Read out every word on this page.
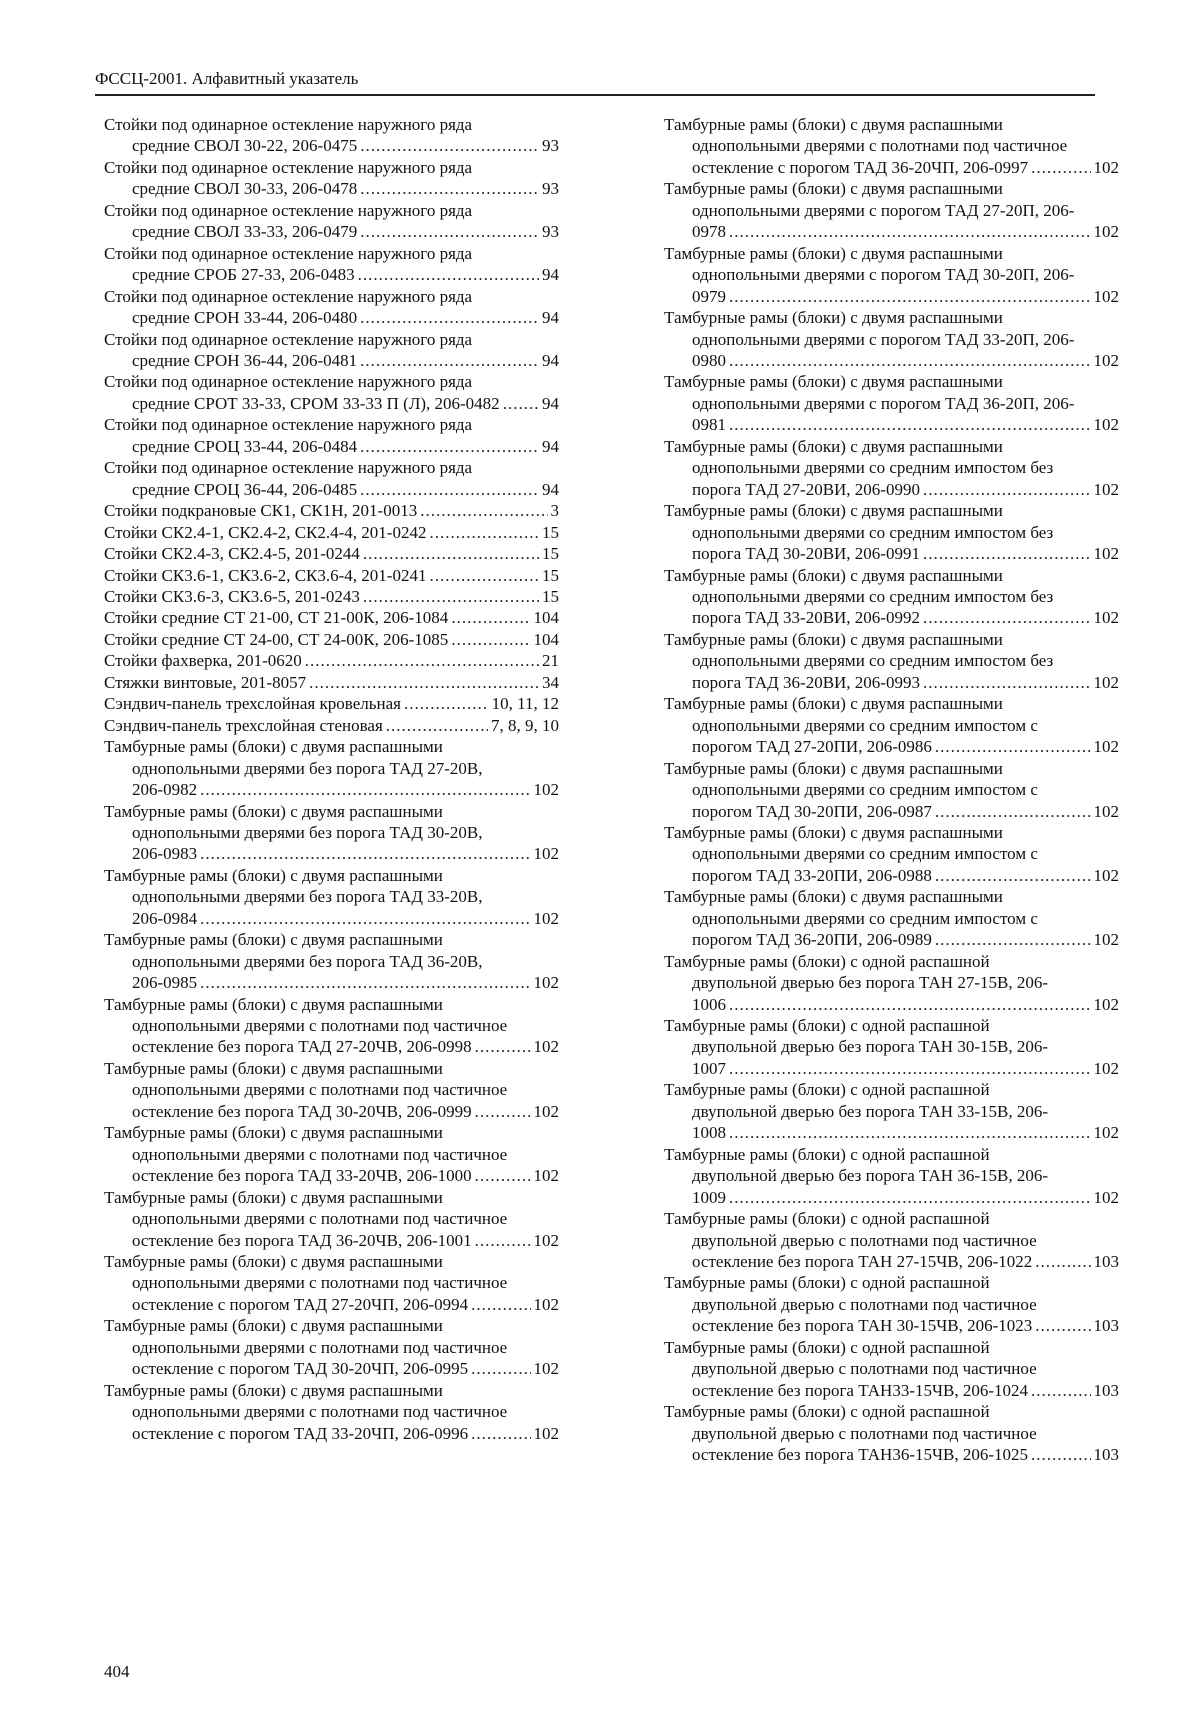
ФССЦ-2001. Алфавитный указатель
Стойки под одинарное остекление наружного ряда
средние СВОЛ 30-22, 206-0475 .....	93
Стойки под одинарное остекление наружного ряда
средние СВОЛ 30-33, 206-0478 .....	93
Стойки под одинарное остекление наружного ряда
средние СВОЛ 33-33, 206-0479 .....	93
Стойки под одинарное остекление наружного ряда
средние СРОБ 27-33, 206-0483 .....	94
Стойки под одинарное остекление наружного ряда
средние СРОН 33-44, 206-0480 .....	94
Стойки под одинарное остекление наружного ряда
средние СРОН 36-44, 206-0481 .....	94
Стойки под одинарное остекление наружного ряда
средние СРОТ 33-33, СРОМ 33-33 П (Л), 206-0482 ..... 94
Стойки под одинарное остекление наружного ряда
средние СРОЦ 33-44, 206-0484 .....	94
Стойки под одинарное остекление наружного ряда
средние СРОЦ 36-44, 206-0485 .....	94
Стойки подкрановые СК1, СК1Н, 201-0013 .....	3
Стойки СК2.4-1, СК2.4-2, СК2.4-4, 201-0242 .....	15
Стойки СК2.4-3, СК2.4-5, 201-0244 .....	15
Стойки СК3.6-1, СК3.6-2, СК3.6-4, 201-0241 .....	15
Стойки СК3.6-3, СК3.6-5, 201-0243 .....	15
Стойки средние СТ 21-00, СТ 21-00К, 206-1084 .....	104
Стойки средние СТ 24-00, СТ 24-00К, 206-1085 .....	104
Стойки фахверка, 201-0620 .....	21
Стяжки винтовые, 201-8057 .....	34
Сэндвич-панель трехслойная кровельная .....	10, 11, 12
Сэндвич-панель трехслойная стеновая .....	7, 8, 9, 10
Тамбурные рамы (блоки) с двумя распашными
однопольными дверями без порога ТАД 27-20В,
206-0982 .....	102
Тамбурные рамы (блоки) с двумя распашными
однопольными дверями без порога ТАД 30-20В,
206-0983 .....	102
Тамбурные рамы (блоки) с двумя распашными
однопольными дверями без порога ТАД 33-20В,
206-0984 .....	102
Тамбурные рамы (блоки) с двумя распашными
однопольными дверями без порога ТАД 36-20В,
206-0985 .....	102
Тамбурные рамы (блоки) с двумя распашными
однопольными дверями с полотнами под частичное
остекление без порога ТАД 27-20ЧВ, 206-0998 .....	102
Тамбурные рамы (блоки) с двумя распашными
однопольными дверями с полотнами под частичное
остекление без порога ТАД 30-20ЧВ, 206-0999 .....	102
Тамбурные рамы (блоки) с двумя распашными
однопольными дверями с полотнами под частичное
остекление без порога ТАД 33-20ЧВ, 206-1000 .....	102
Тамбурные рамы (блоки) с двумя распашными
однопольными дверями с полотнами под частичное
остекление без порога ТАД 36-20ЧВ, 206-1001 .....	102
Тамбурные рамы (блоки) с двумя распашными
однопольными дверями с полотнами под частичное
остекление с порогом ТАД 27-20ЧП, 206-0994 .....	102
Тамбурные рамы (блоки) с двумя распашными
однопольными дверями с полотнами под частичное
остекление с порогом ТАД 30-20ЧП, 206-0995 .....	102
Тамбурные рамы (блоки) с двумя распашными
однопольными дверями с полотнами под частичное
остекление с порогом ТАД 33-20ЧП, 206-0996 .....	102
Тамбурные рамы (блоки) с двумя распашными
однопольными дверями с полотнами под частичное
остекление с порогом ТАД 36-20ЧП, 206-0997 .....	102
Тамбурные рамы (блоки) с двумя распашными
однопольными дверями с порогом ТАД 27-20П, 206-
0978 .....	102
Тамбурные рамы (блоки) с двумя распашными
однопольными дверями с порогом ТАД 30-20П, 206-
0979 .....	102
Тамбурные рамы (блоки) с двумя распашными
однопольными дверями с порогом ТАД 33-20П, 206-
0980 .....	102
Тамбурные рамы (блоки) с двумя распашными
однопольными дверями с порогом ТАД 36-20П, 206-
0981 .....	102
Тамбурные рамы (блоки) с двумя распашными
однопольными дверями со средним импостом без
порога ТАД 27-20ВИ, 206-0990 .....	102
Тамбурные рамы (блоки) с двумя распашными
однопольными дверями со средним импостом без
порога ТАД 30-20ВИ, 206-0991 .....	102
Тамбурные рамы (блоки) с двумя распашными
однопольными дверями со средним импостом без
порога ТАД 33-20ВИ, 206-0992 .....	102
Тамбурные рамы (блоки) с двумя распашными
однопольными дверями со средним импостом без
порога ТАД 36-20ВИ, 206-0993 .....	102
Тамбурные рамы (блоки) с двумя распашными
однопольными дверями со средним импостом с
порогом ТАД 27-20ПИ, 206-0986 .....	102
Тамбурные рамы (блоки) с двумя распашными
однопольными дверями со средним импостом с
порогом ТАД 30-20ПИ, 206-0987 .....	102
Тамбурные рамы (блоки) с двумя распашными
однопольными дверями со средним импостом с
порогом ТАД 33-20ПИ, 206-0988 .....	102
Тамбурные рамы (блоки) с двумя распашными
однопольными дверями со средним импостом с
порогом ТАД 36-20ПИ, 206-0989 .....	102
Тамбурные рамы (блоки) с одной распашной
двупольной дверью без порога ТАН 27-15В, 206-
1006 .....	102
Тамбурные рамы (блоки) с одной распашной
двупольной дверью без порога ТАН 30-15В, 206-
1007 .....	102
Тамбурные рамы (блоки) с одной распашной
двупольной дверью без порога ТАН 33-15В, 206-
1008 .....	102
Тамбурные рамы (блоки) с одной распашной
двупольной дверью без порога ТАН 36-15В, 206-
1009 .....	102
Тамбурные рамы (блоки) с одной распашной
двупольной дверью с полотнами под частичное
остекление без порога ТАН 27-15ЧВ, 206-1022 .....	103
Тамбурные рамы (блоки) с одной распашной
двупольной дверью с полотнами под частичное
остекление без порога ТАН 30-15ЧВ, 206-1023 .....	103
Тамбурные рамы (блоки) с одной распашной
двупольной дверью с полотнами под частичное
остекление без порога ТАН33-15ЧВ, 206-1024 .....	103
Тамбурные рамы (блоки) с одной распашной
двупольной дверью с полотнами под частичное
остекление без порога ТАН36-15ЧВ, 206-1025 .....	103
404
